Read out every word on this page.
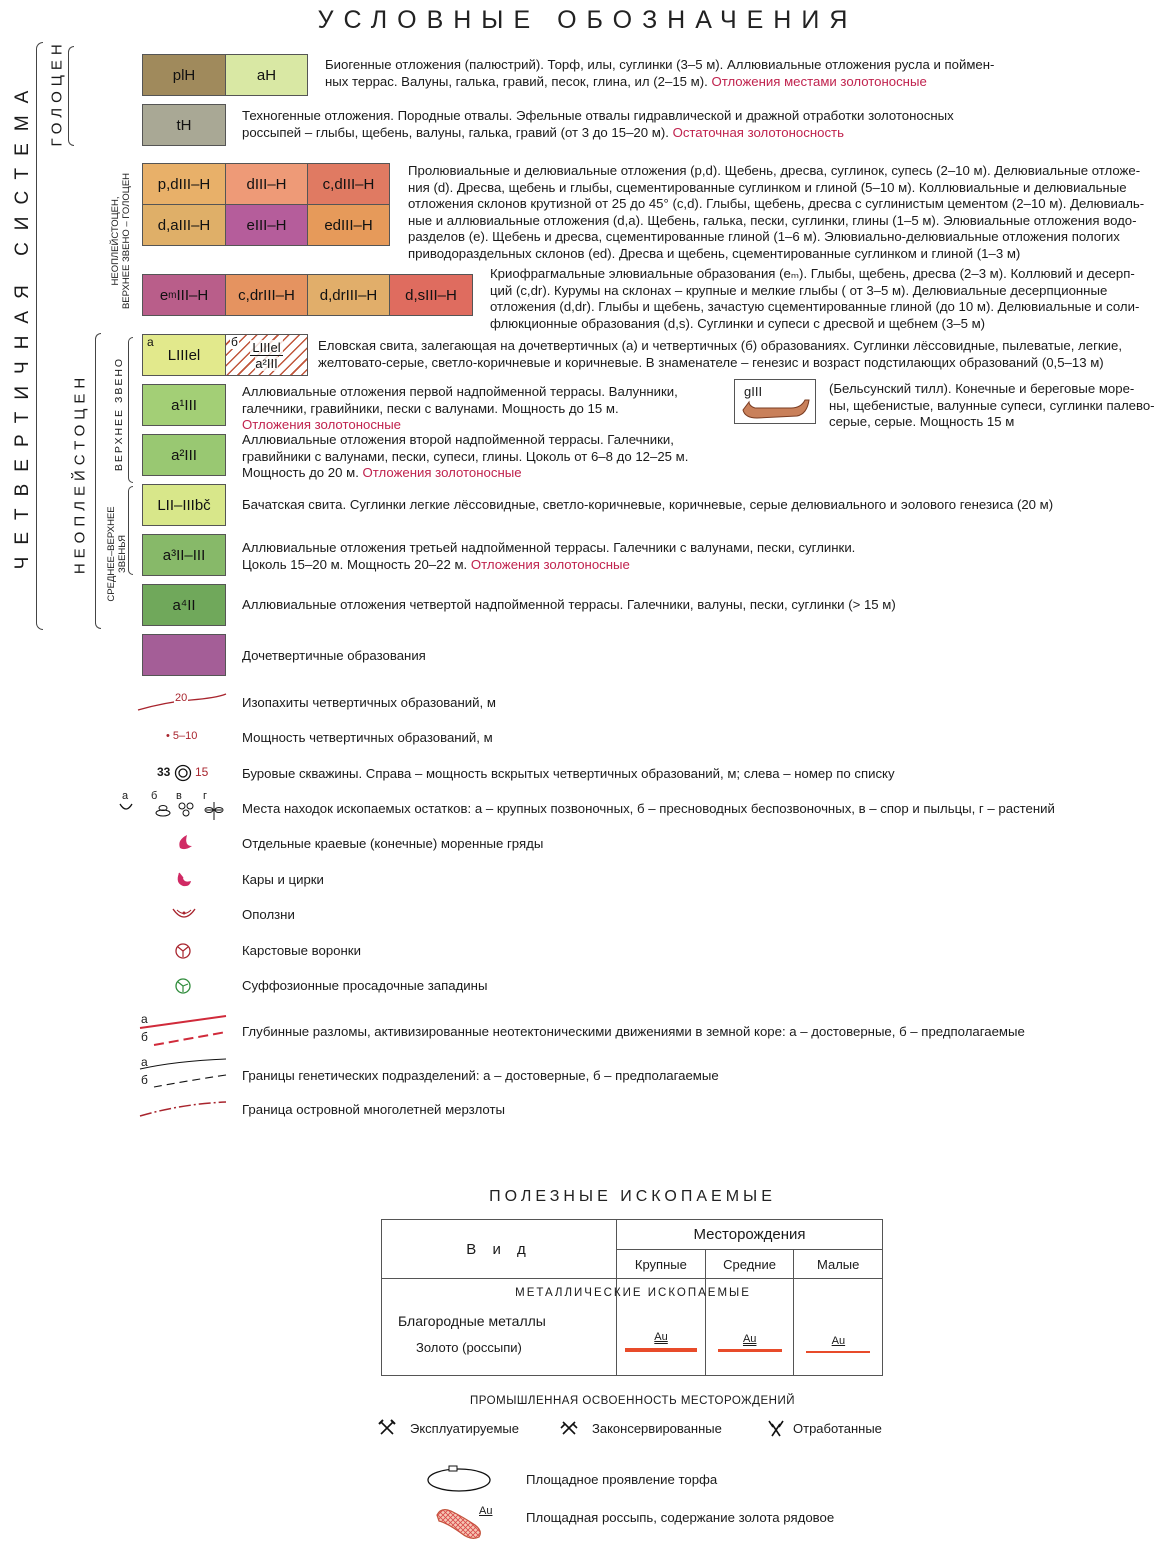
УСЛОВНЫЕ ОБОЗНАЧЕНИЯ
ЧЕТВЕРТИЧНАЯ СИСТЕМА ГОЛОЦЕН
НЕОПЛЕЙСТОЦЕН
НЕОПЛЕЙСТОЦЕН,
ВЕРХНЕЕ ЗВЕНО – ГОЛОЦЕН
ВЕРХНЕЕ ЗВЕНО
СРЕДНЕЕ–ВЕРХНЕЕ
ЗВЕНЬЯ
plH	aH
Биогенные отложения (палюстрий). Торф, илы, суглинки (3–5 м). Аллювиальные отложения русла и поймен-
ных террас. Валуны, галька, гравий, песок, глина, ил (2–15 м). Отложения местами золотоносные
tH
Техногенные отложения. Породные отвалы. Эфельные отвалы гидравлической и дражной отработки золотоносных
россыпей – глыбы, щебень, валуны, галька, гравий (от 3 до 15–20 м). Остаточная золотоносность
p,dIII–H	dIII–H	c,dIII–H
d,aIII–H	eIII–H	edIII–H
Пролювиальные и делювиальные отложения (p,d). Щебень, дресва, суглинок, супесь (2–10 м). Делювиальные отложе-
ния (d). Дресва, щебень и глыбы, сцементированные суглинком и глиной (5–10 м). Коллювиальные и делювиальные
отложения склонов крутизной от 25 до 45° (c,d). Глыбы, щебень, дресва с суглинистым цементом (2–10 м). Делювиаль-
ные и аллювиальные отложения (d,a). Щебень, галька, пески, суглинки, глины (1–5 м). Элювиальные отложения водо-
разделов (e). Щебень и дресва, сцементированные глиной (1–6 м). Элювиально-делювиальные отложения пологих
приводораздельных склонов (ed). Дресва и щебень, сцементированные суглинком и глиной (1–3 м)
e m III–H	c,drIII–H	d,drIII–H	d,sIII–H
Криофрагмальные элювиальные образования (eₘ). Глыбы, щебень, дресва (2–3 м). Коллювий и десерп-
ций (c,dr). Курумы на склонах – крупные и мелкие глыбы ( от 3–5 м). Делювиальные десерпционные
отложения (d,dr). Глыбы и щебень, зачастую сцементированные глиной (до 10 м). Делювиальные и соли-
флюкционные образования (d,s). Суглинки и супеси с дресвой и щебнем (3–5 м)
а
LIIIel
б LIIIel
a²III
Еловская свита, залегающая на дочетвертичных (а) и четвертичных (б) образованиях. Суглинки лёссовидные, пылеватые, легкие,
желтовато-серые, светло-коричневые и коричневые. В знаменателе – генезис и возраст подстилающих образований (0,5–13 м)
a¹III
Аллювиальные отложения первой надпойменной террасы. Валунники,
галечники, гравийники, пески с валунами. Мощность до 15 м.
Отложения золотоносные
gIII	(Бельсунский тилл). Конечные и береговые море-
ны, щебенистые, валунные супеси, суглинки палево-
серые, серые. Мощность 15 м
a²III
Аллювиальные отложения второй надпойменной террасы. Галечники,
гравийники с валунами, пески, супеси, глины. Цоколь от 6–8 до 12–25 м.
Мощность до 20 м. Отложения золотоносные
LII–IIIbč	Бачатская свита. Суглинки легкие лёссовидные, светло-коричневые, коричневые, серые делювиального и эолового генезиса (20 м)
a³II–III	Аллювиальные отложения третьей надпойменной террасы. Галечники с валунами, пески, суглинки.
Цоколь 15–20 м. Мощность 20–22 м. Отложения золотоносные
a⁴II	Аллювиальные отложения четвертой надпойменной террасы. Галечники, валуны, пески, суглинки (> 15 м)
Дочетвертичные образования
20	Изопахиты четвертичных образований, м
• 5–10	Мощность четвертичных образований, м
33 15	Буровые скважины. Справа – мощность вскрытых четвертичных образований, м; слева – номер по списку
а б в г
Места находок ископаемых остатков: а – крупных позвоночных, б – пресноводных беспозвоночных, в – спор и пыльцы, г – растений
Отдельные краевые (конечные) моренные гряды
Кары и цирки
Оползни
Карстовые воронки
Суффозионные просадочные западины
а
б	Глубинные разломы, активизированные неотектоническими движениями в земной коре: а – достоверные, б – предполагаемые
а
б	Границы генетических подразделений: а – достоверные, б – предполагаемые
Граница островной многолетней мерзлоты
ПОЛЕЗНЫЕ ИСКОПАЕМЫЕ
В и д	Месторождения		
	Крупные	Средние	Малые

МЕТАЛЛИЧЕСКИЕ ИСКОПАЕМЫЕ
Благородные металлы
Золото (россыпи)	Au	Au	Au
ПРОМЫШЛЕННАЯ ОСВОЕННОСТЬ МЕСТОРОЖДЕНИЙ
Эксплуатируемые	Законсервированные	Отработанные
Площадное проявление торфа
Au	Площадная россыпь, содержание золота рядовое
